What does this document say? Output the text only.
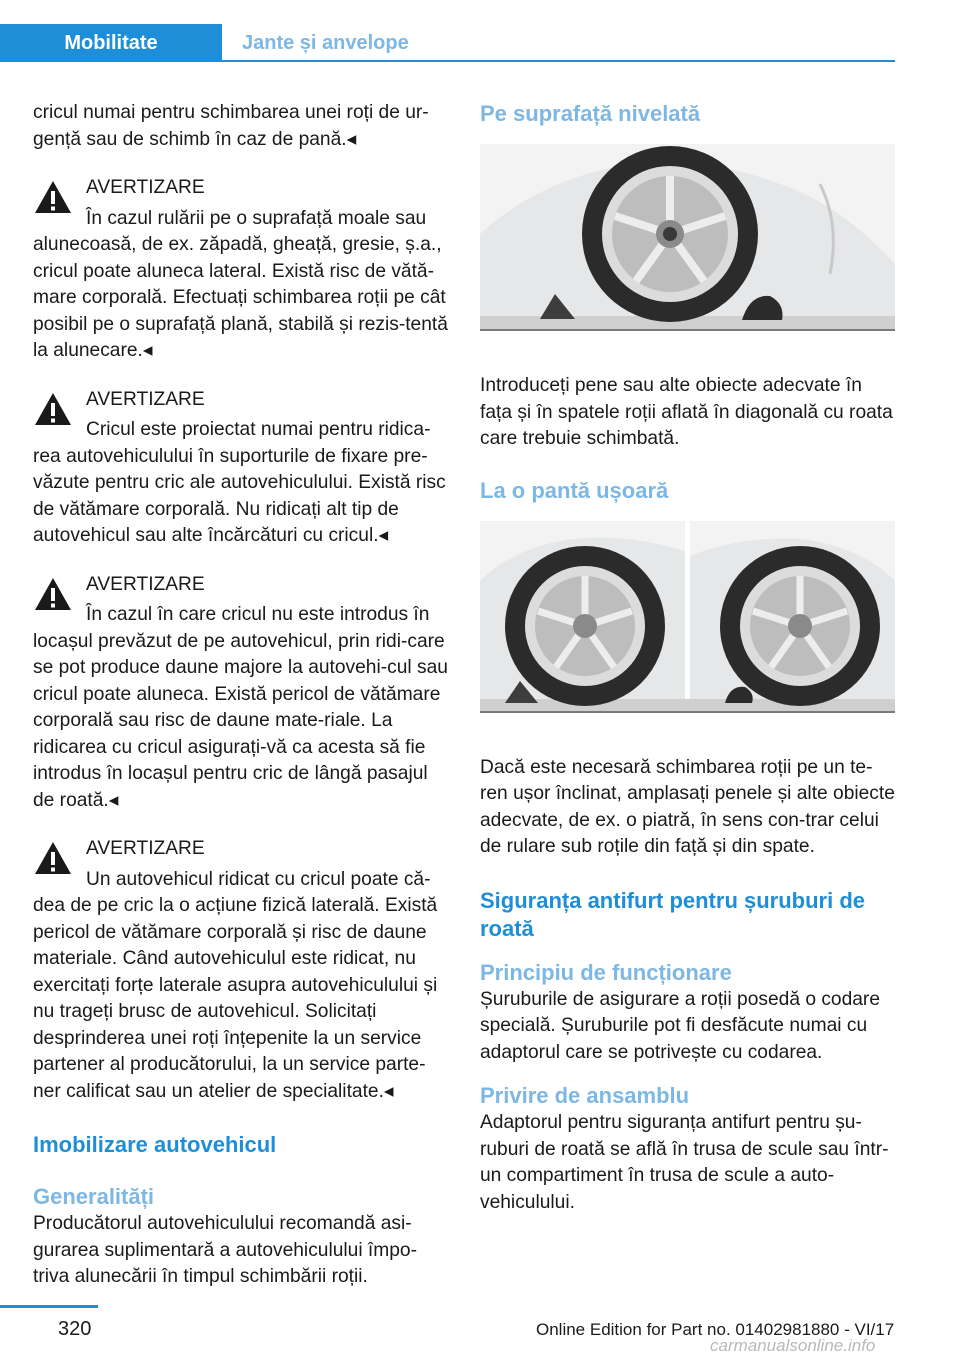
Mobilitate	Jante și anvelope

cricul numai pentru schimbarea unei roți de ur-gență sau de schimb în caz de pană.◂

AVERTIZARE

În cazul rulării pe o suprafață moale sau

alunecoasă, de ex. zăpadă, gheață, gresie, ș.a., cricul poate aluneca lateral. Există risc de vătă-mare corporală. Efectuați schimbarea roții pe cât posibil pe o suprafață plană, stabilă și rezis-tentă la alunecare.◂

AVERTIZARE

Cricul este proiectat numai pentru ridica-

rea autovehiculului în suporturile de fixare pre-văzute pentru cric ale autovehiculului. Există risc de vătămare corporală. Nu ridicați alt tip de autovehicul sau alte încărcături cu cricul.◂

AVERTIZARE

În cazul în care cricul nu este introdus în

locașul prevăzut de pe autovehicul, prin ridi-care se pot produce daune majore la autovehi-cul sau cricul poate aluneca. Există pericol de vătămare corporală sau risc de daune mate-riale. La ridicarea cu cricul asigurați-vă ca acesta să fie introdus în locașul pentru cric de lângă pasajul de roată.◂

AVERTIZARE

Un autovehicul ridicat cu cricul poate că-

dea de pe cric la o acțiune fizică laterală. Există pericol de vătămare corporală și risc de daune materiale. Când autovehiculul este ridicat, nu exercitați forțe laterale asupra autovehiculului și nu trageți brusc de autovehicul. Solicitați desprinderea unei roți înțepenite la un service partener al producătorului, la un service parte-ner calificat sau un atelier de specialitate.◂

Imobilizare autovehicul
Generalități

Producătorul autovehiculului recomandă asi-gurarea suplimentară a autovehiculului împo-triva alunecării în timpul schimbării roții.

Pe suprafață nivelată

Introduceți pene sau alte obiecte adecvate în fața și în spatele roții aflată în diagonală cu roata care trebuie schimbată.

La o pantă ușoară

Dacă este necesară schimbarea roții pe un te-ren ușor înclinat, amplasați penele și alte obiecte adecvate, de ex. o piatră, în sens con-trar celui de rulare sub roțile din față și din spate.

Siguranța antifurt pentru șuruburi de roată
Principiu de funcționare

Șuruburile de asigurare a roții posedă o codare specială. Șuruburile pot fi desfăcute numai cu adaptorul care se potrivește cu codarea.

Privire de ansamblu

Adaptorul pentru siguranța antifurt pentru șu-ruburi de roată se află în trusa de scule sau într-un compartiment în trusa de scule a auto-vehiculului.

320	Online Edition for Part no. 01402981880 - VI/17
carmanualsonline.info
